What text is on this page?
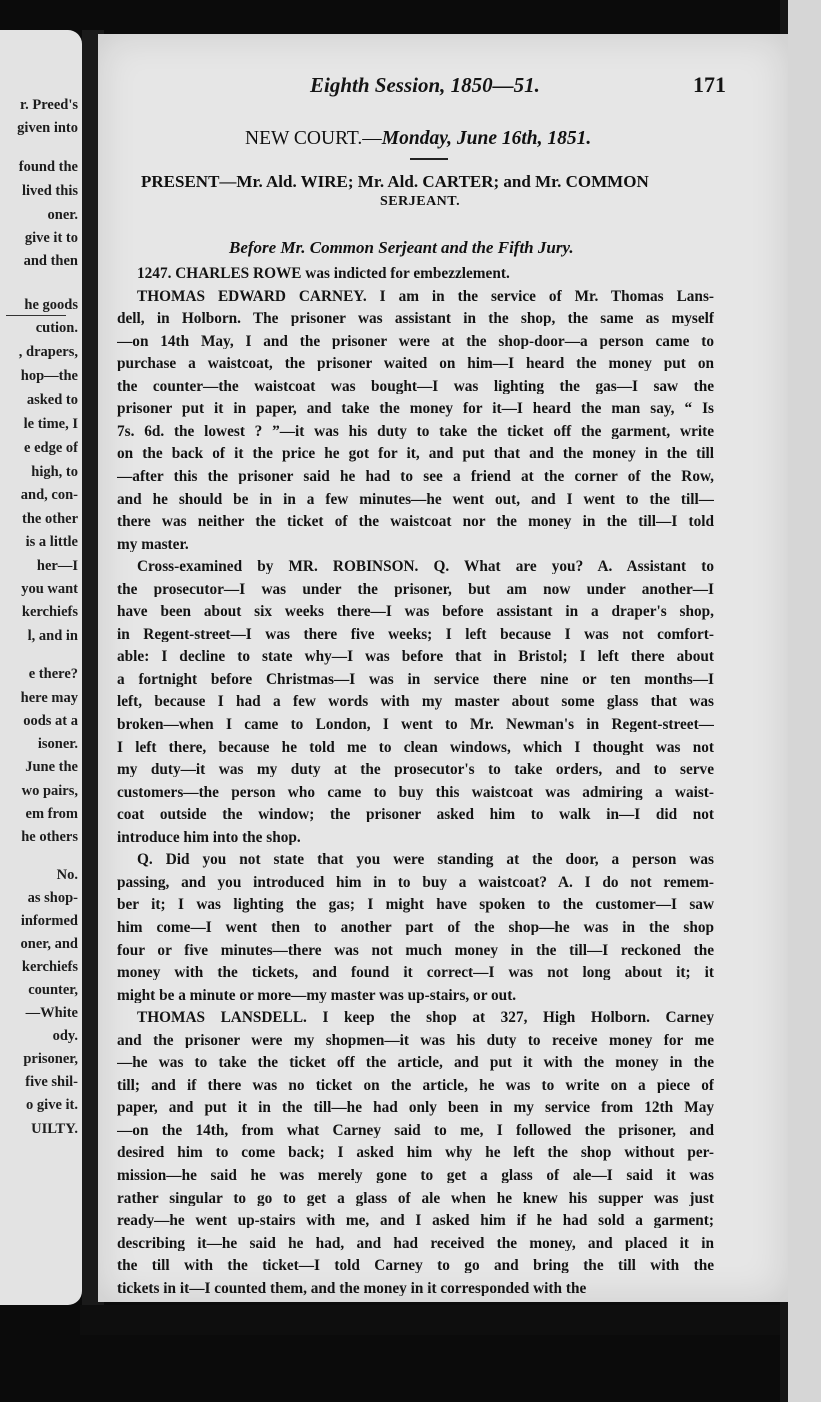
r. Preed's
given into
found the
lived this
oner.
give it to
and then
he goods
cution.
, drapers,
hop—the
asked to
le time, I
e edge of
high, to
and, con-
the other
is a little
her—I
you want
kerchiefs
l, and in
e there?
here may
oods at a
isoner.
June the
wo pairs,
em from
he others
No.
as shop-
informed
oner, and
kerchiefs
counter,
—White
ody.
prisoner,
five shil-
o give it.
UILTY.
Eighth Session, 1850—51.	171
NEW COURT.—Monday, June 16th, 1851.
PRESENT—Mr. Ald. WIRE; Mr. Ald. CARTER; and Mr. COMMON
SERJEANT.
Before Mr. Common Serjeant and the Fifth Jury.
1247. CHARLES ROWE was indicted for embezzlement.
THOMAS EDWARD CARNEY. I am in the service of Mr. Thomas Lans-
dell, in Holborn. The prisoner was assistant in the shop, the same as myself
—on 14th May, I and the prisoner were at the shop-door—a person came to
purchase a waistcoat, the prisoner waited on him—I heard the money put on
the counter—the waistcoat was bought—I was lighting the gas—I saw the
prisoner put it in paper, and take the money for it—I heard the man say, “ Is
7s. 6d. the lowest ? ”—it was his duty to take the ticket off the garment, write
on the back of it the price he got for it, and put that and the money in the till
—after this the prisoner said he had to see a friend at the corner of the Row,
and he should be in in a few minutes—he went out, and I went to the till—
there was neither the ticket of the waistcoat nor the money in the till—I told
my master.
Cross-examined by MR. ROBINSON. Q. What are you? A. Assistant to
the prosecutor—I was under the prisoner, but am now under another—I
have been about six weeks there—I was before assistant in a draper's shop,
in Regent-street—I was there five weeks; I left because I was not comfort-
able: I decline to state why—I was before that in Bristol; I left there about
a fortnight before Christmas—I was in service there nine or ten months—I
left, because I had a few words with my master about some glass that was
broken—when I came to London, I went to Mr. Newman's in Regent-street—
I left there, because he told me to clean windows, which I thought was not
my duty—it was my duty at the prosecutor's to take orders, and to serve
customers—the person who came to buy this waistcoat was admiring a waist-
coat outside the window; the prisoner asked him to walk in—I did not
introduce him into the shop.
Q. Did you not state that you were standing at the door, a person was
passing, and you introduced him in to buy a waistcoat? A. I do not remem-
ber it; I was lighting the gas; I might have spoken to the customer—I saw
him come—I went then to another part of the shop—he was in the shop
four or five minutes—there was not much money in the till—I reckoned the
money with the tickets, and found it correct—I was not long about it; it
might be a minute or more—my master was up-stairs, or out.
THOMAS LANSDELL. I keep the shop at 327, High Holborn. Carney
and the prisoner were my shopmen—it was his duty to receive money for me
—he was to take the ticket off the article, and put it with the money in the
till; and if there was no ticket on the article, he was to write on a piece of
paper, and put it in the till—he had only been in my service from 12th May
—on the 14th, from what Carney said to me, I followed the prisoner, and
desired him to come back; I asked him why he left the shop without per-
mission—he said he was merely gone to get a glass of ale—I said it was
rather singular to go to get a glass of ale when he knew his supper was just
ready—he went up-stairs with me, and I asked him if he had sold a garment;
describing it—he said he had, and had received the money, and placed it in
the till with the ticket—I told Carney to go and bring the till with the
tickets in it—I counted them, and the money in it corresponded with the
